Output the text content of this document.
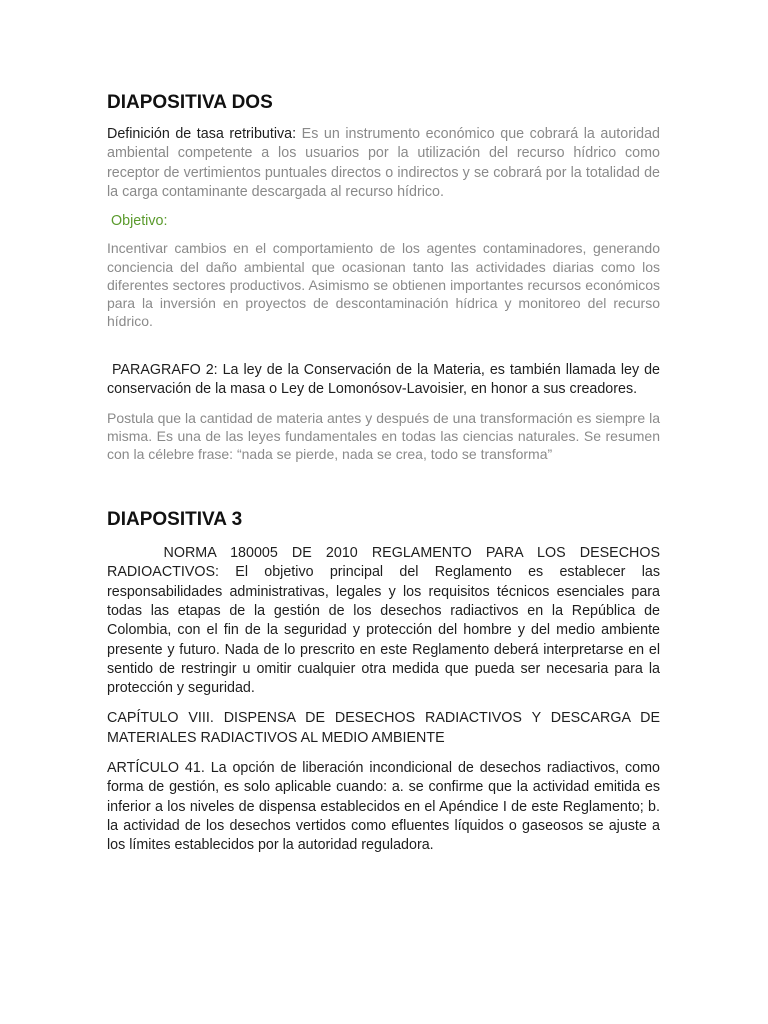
DIAPOSITIVA DOS

Definición de tasa retributiva: Es un instrumento económico que cobrará la autoridad ambiental competente a los usuarios por la utilización del recurso hídrico como receptor de vertimientos puntuales directos o indirectos y se cobrará por la totalidad de la carga contaminante descargada al recurso hídrico.

Objetivo:

Incentivar cambios en el comportamiento de los agentes contaminadores, generando conciencia del daño ambiental que ocasionan tanto las actividades diarias como los diferentes sectores productivos. Asimismo se obtienen importantes recursos económicos para la inversión en proyectos de descontaminación hídrica y monitoreo del recurso hídrico.

PARAGRAFO 2: La ley de la Conservación de la Materia, es también llamada ley de conservación de la masa o Ley de Lomonósov-Lavoisier, en honor a sus creadores.

Postula que la cantidad de materia antes y después de una transformación es siempre la misma. Es una de las leyes fundamentales en todas las ciencias naturales. Se resumen con la célebre frase: “nada se pierde, nada se crea, todo se transforma”

DIAPOSITIVA 3

NORMA 180005 DE 2010 REGLAMENTO PARA LOS DESECHOS RADIOACTIVOS: El objetivo principal del Reglamento es establecer las responsabilidades administrativas, legales y los requisitos técnicos esenciales para todas las etapas de la gestión de los desechos radiactivos en la República de Colombia, con el fin de la seguridad y protección del hombre y del medio ambiente presente y futuro. Nada de lo prescrito en este Reglamento deberá interpretarse en el sentido de restringir u omitir cualquier otra medida que pueda ser necesaria para la protección y seguridad.

CAPÍTULO VIII. DISPENSA DE DESECHOS RADIACTIVOS Y DESCARGA DE MATERIALES RADIACTIVOS AL MEDIO AMBIENTE

ARTÍCULO 41. La opción de liberación incondicional de desechos radiactivos, como forma de gestión, es solo aplicable cuando: a. se confirme que la actividad emitida es inferior a los niveles de dispensa establecidos en el Apéndice I de este Reglamento; b. la actividad de los desechos vertidos como efluentes líquidos o gaseosos se ajuste a los límites establecidos por la autoridad reguladora.
